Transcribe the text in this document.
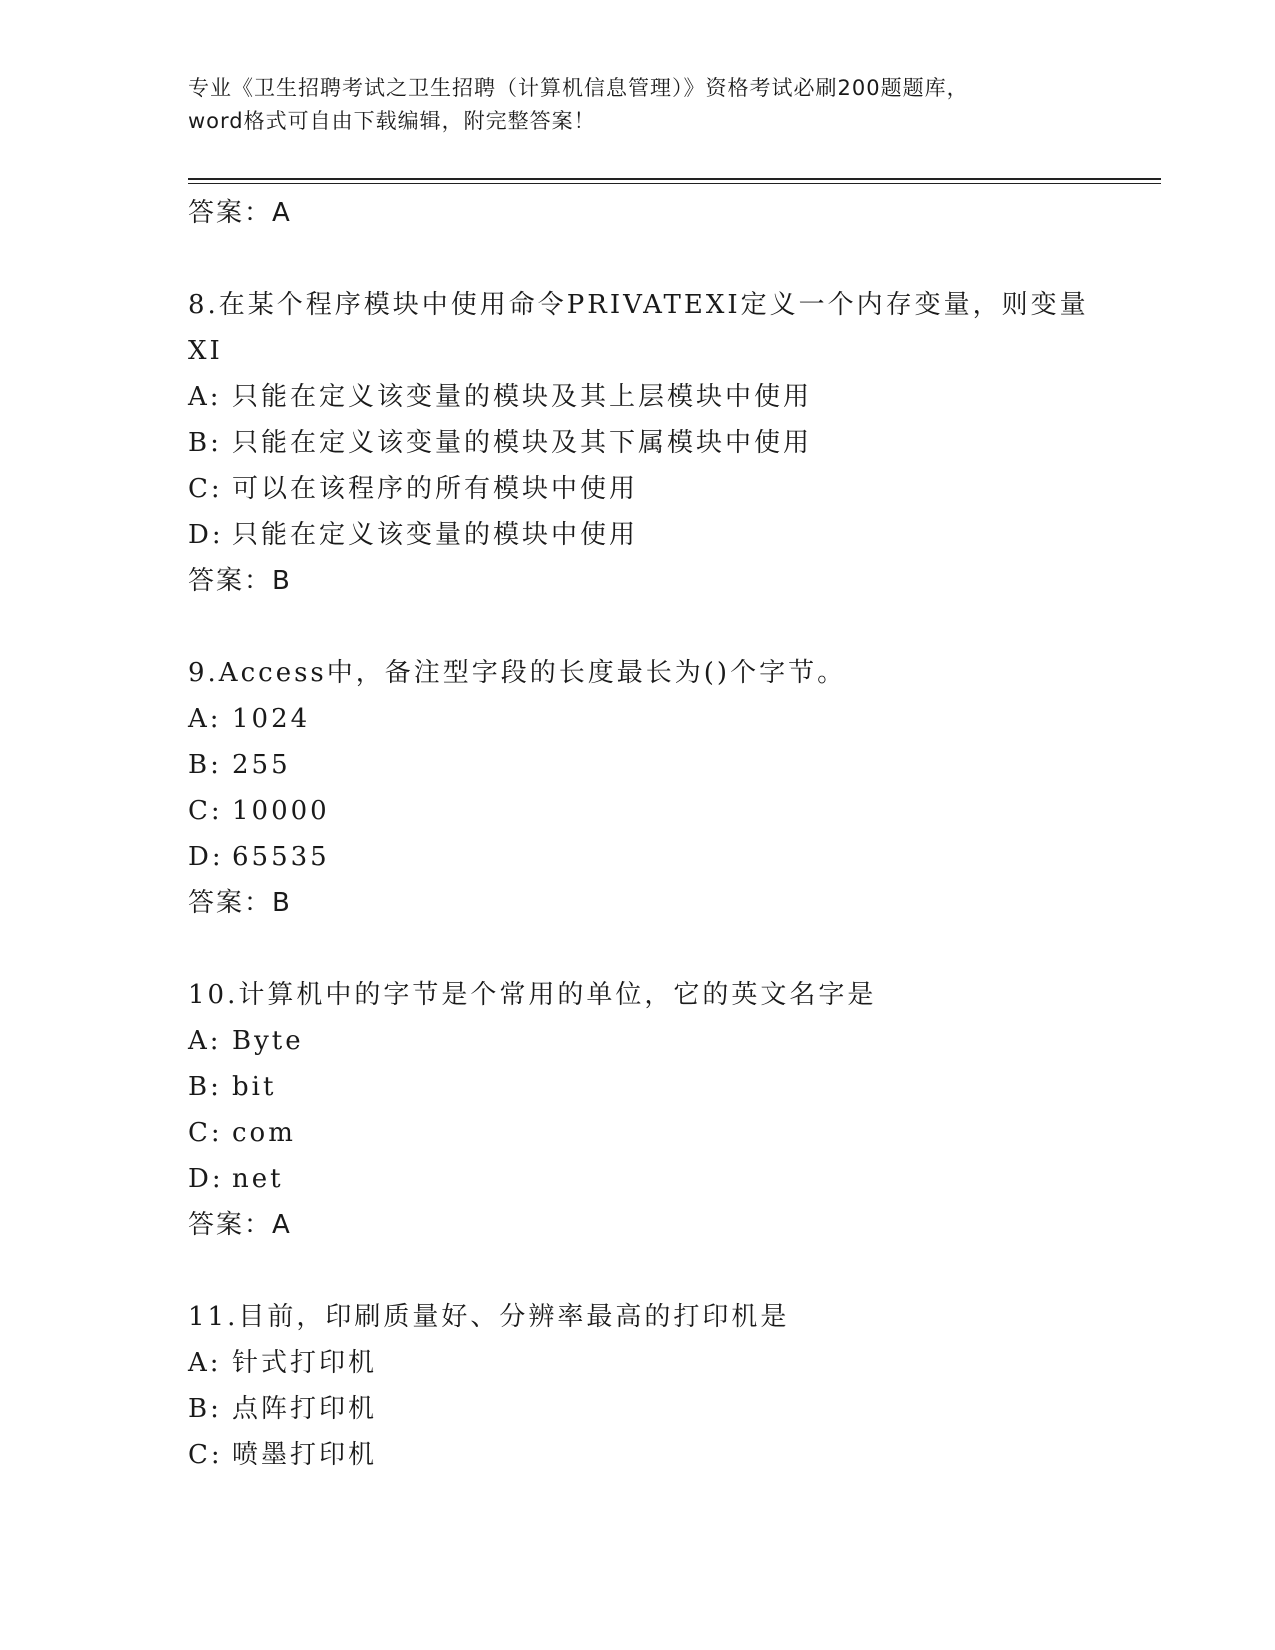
专业《卫生招聘考试之卫生招聘（计算机信息管理）》资格考试必刷200题题库，
word格式可自由下载编辑，附完整答案！
答案：A
8.在某个程序模块中使用命令PRIVATEXI定义一个内存变量，则变量
XI
A: 只能在定义该变量的模块及其上层模块中使用
B: 只能在定义该变量的模块及其下属模块中使用
C: 可以在该程序的所有模块中使用
D: 只能在定义该变量的模块中使用
答案：B
9.Access中，备注型字段的长度最长为()个字节。
A: 1024
B: 255
C: 10000
D: 65535
答案：B
10.计算机中的字节是个常用的单位，它的英文名字是
A: Byte
B: bit
C: com
D: net
答案：A
11.目前，印刷质量好、分辨率最高的打印机是
A: 针式打印机
B: 点阵打印机
C: 喷墨打印机
